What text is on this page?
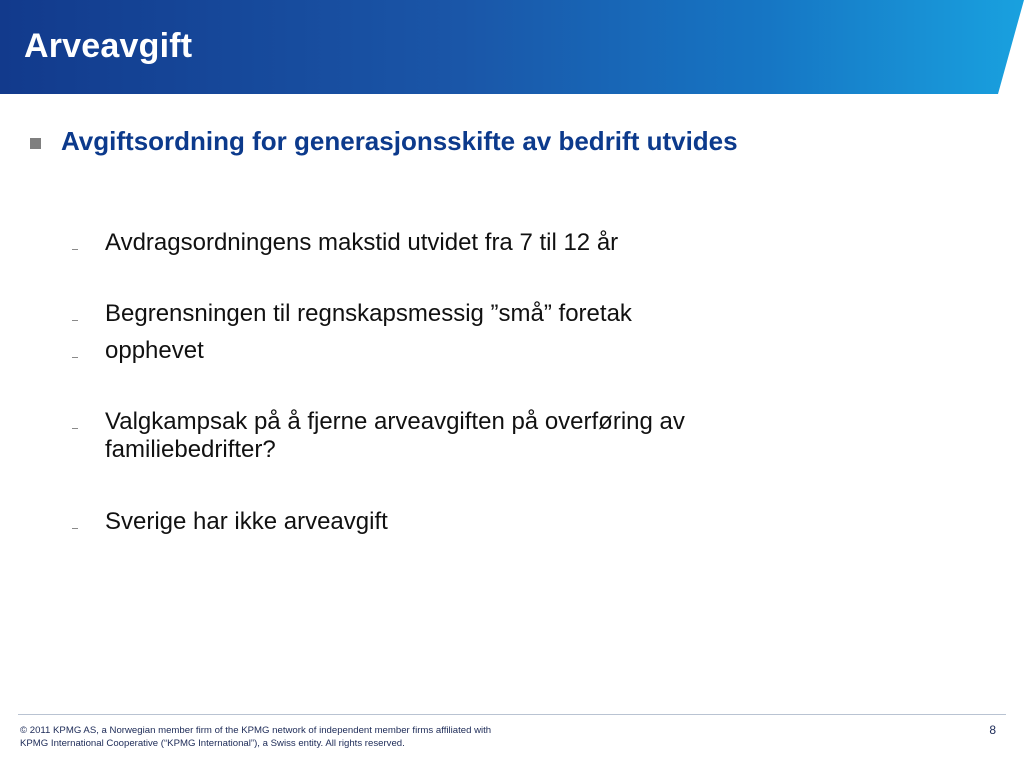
Arveavgift
Avgiftsordning for generasjonsskifte av bedrift utvides
Avdragsordningens makstid utvidet fra 7 til 12 år
Begrensningen til regnskapsmessig ”små” foretak
opphevet
Valgkampsak på å fjerne arveavgiften på overføring av familiebedrifter?
Sverige har ikke arveavgift
© 2011 KPMG AS, a Norwegian member firm of the KPMG network of independent member firms affiliated with
KPMG International Cooperative (“KPMG International”), a Swiss entity. All rights reserved.
8
